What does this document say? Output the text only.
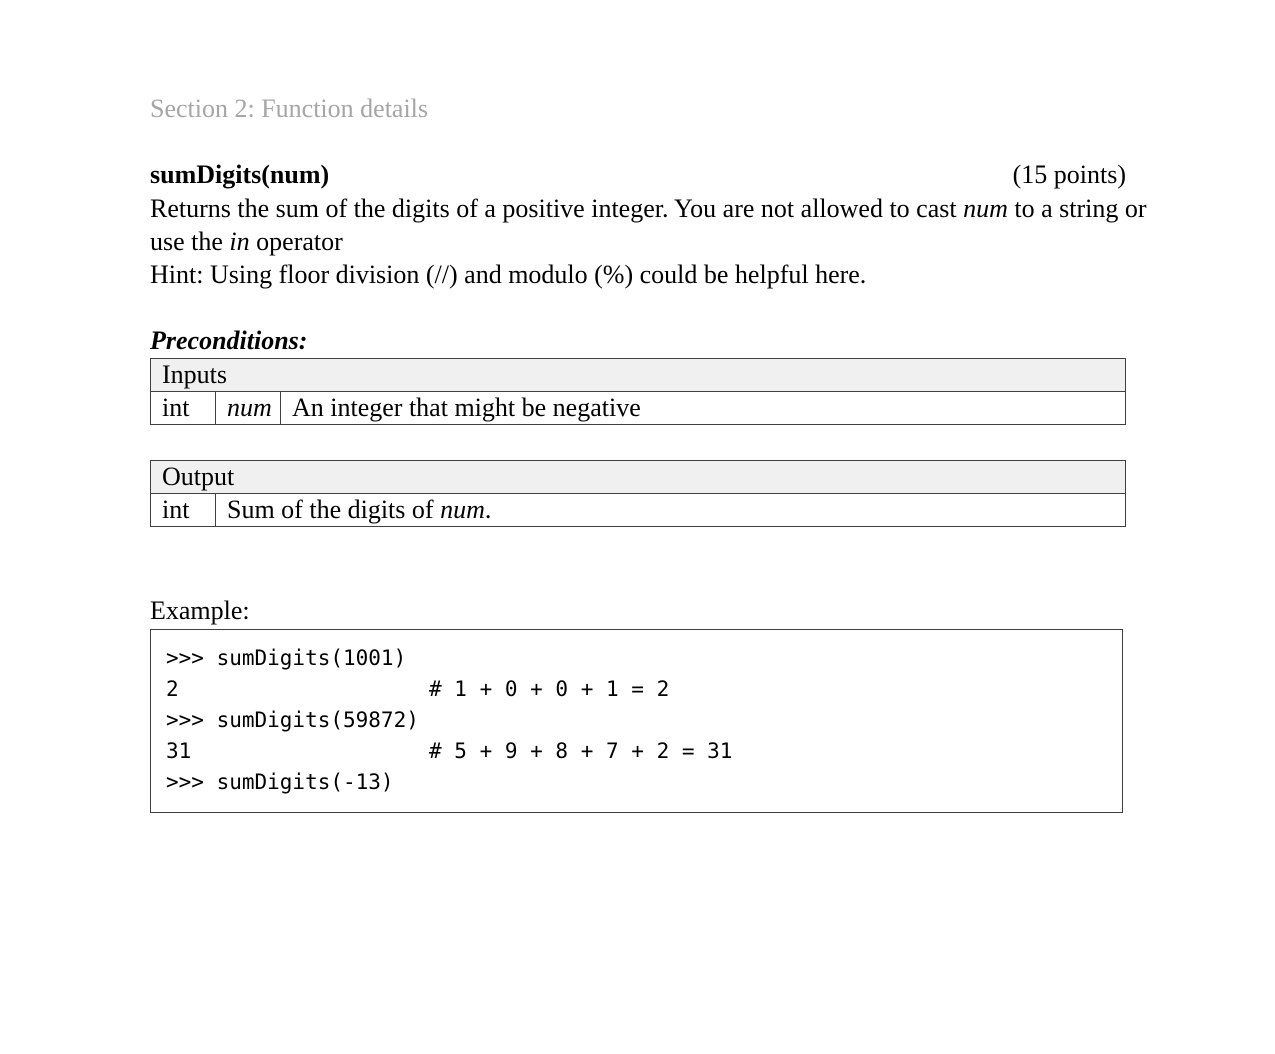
Section 2: Function details
sumDigits(num)	(15 points)

Returns the sum of the digits of a positive integer. You are not allowed to cast num to a string or

use the in operator

Hint: Using floor division (//) and modulo (%) could be helpful here.

Preconditions:
Inputs
int	num	An integer that might be negative
Output
int	Sum of the digits of num.
Example:
>>> sumDigits(1001)
2	# 1 + 0 + 0 + 1 = 2
>>> sumDigits(59872)
31	# 5 + 9 + 8 + 7 + 2 = 31
>>> sumDigits(-13)
